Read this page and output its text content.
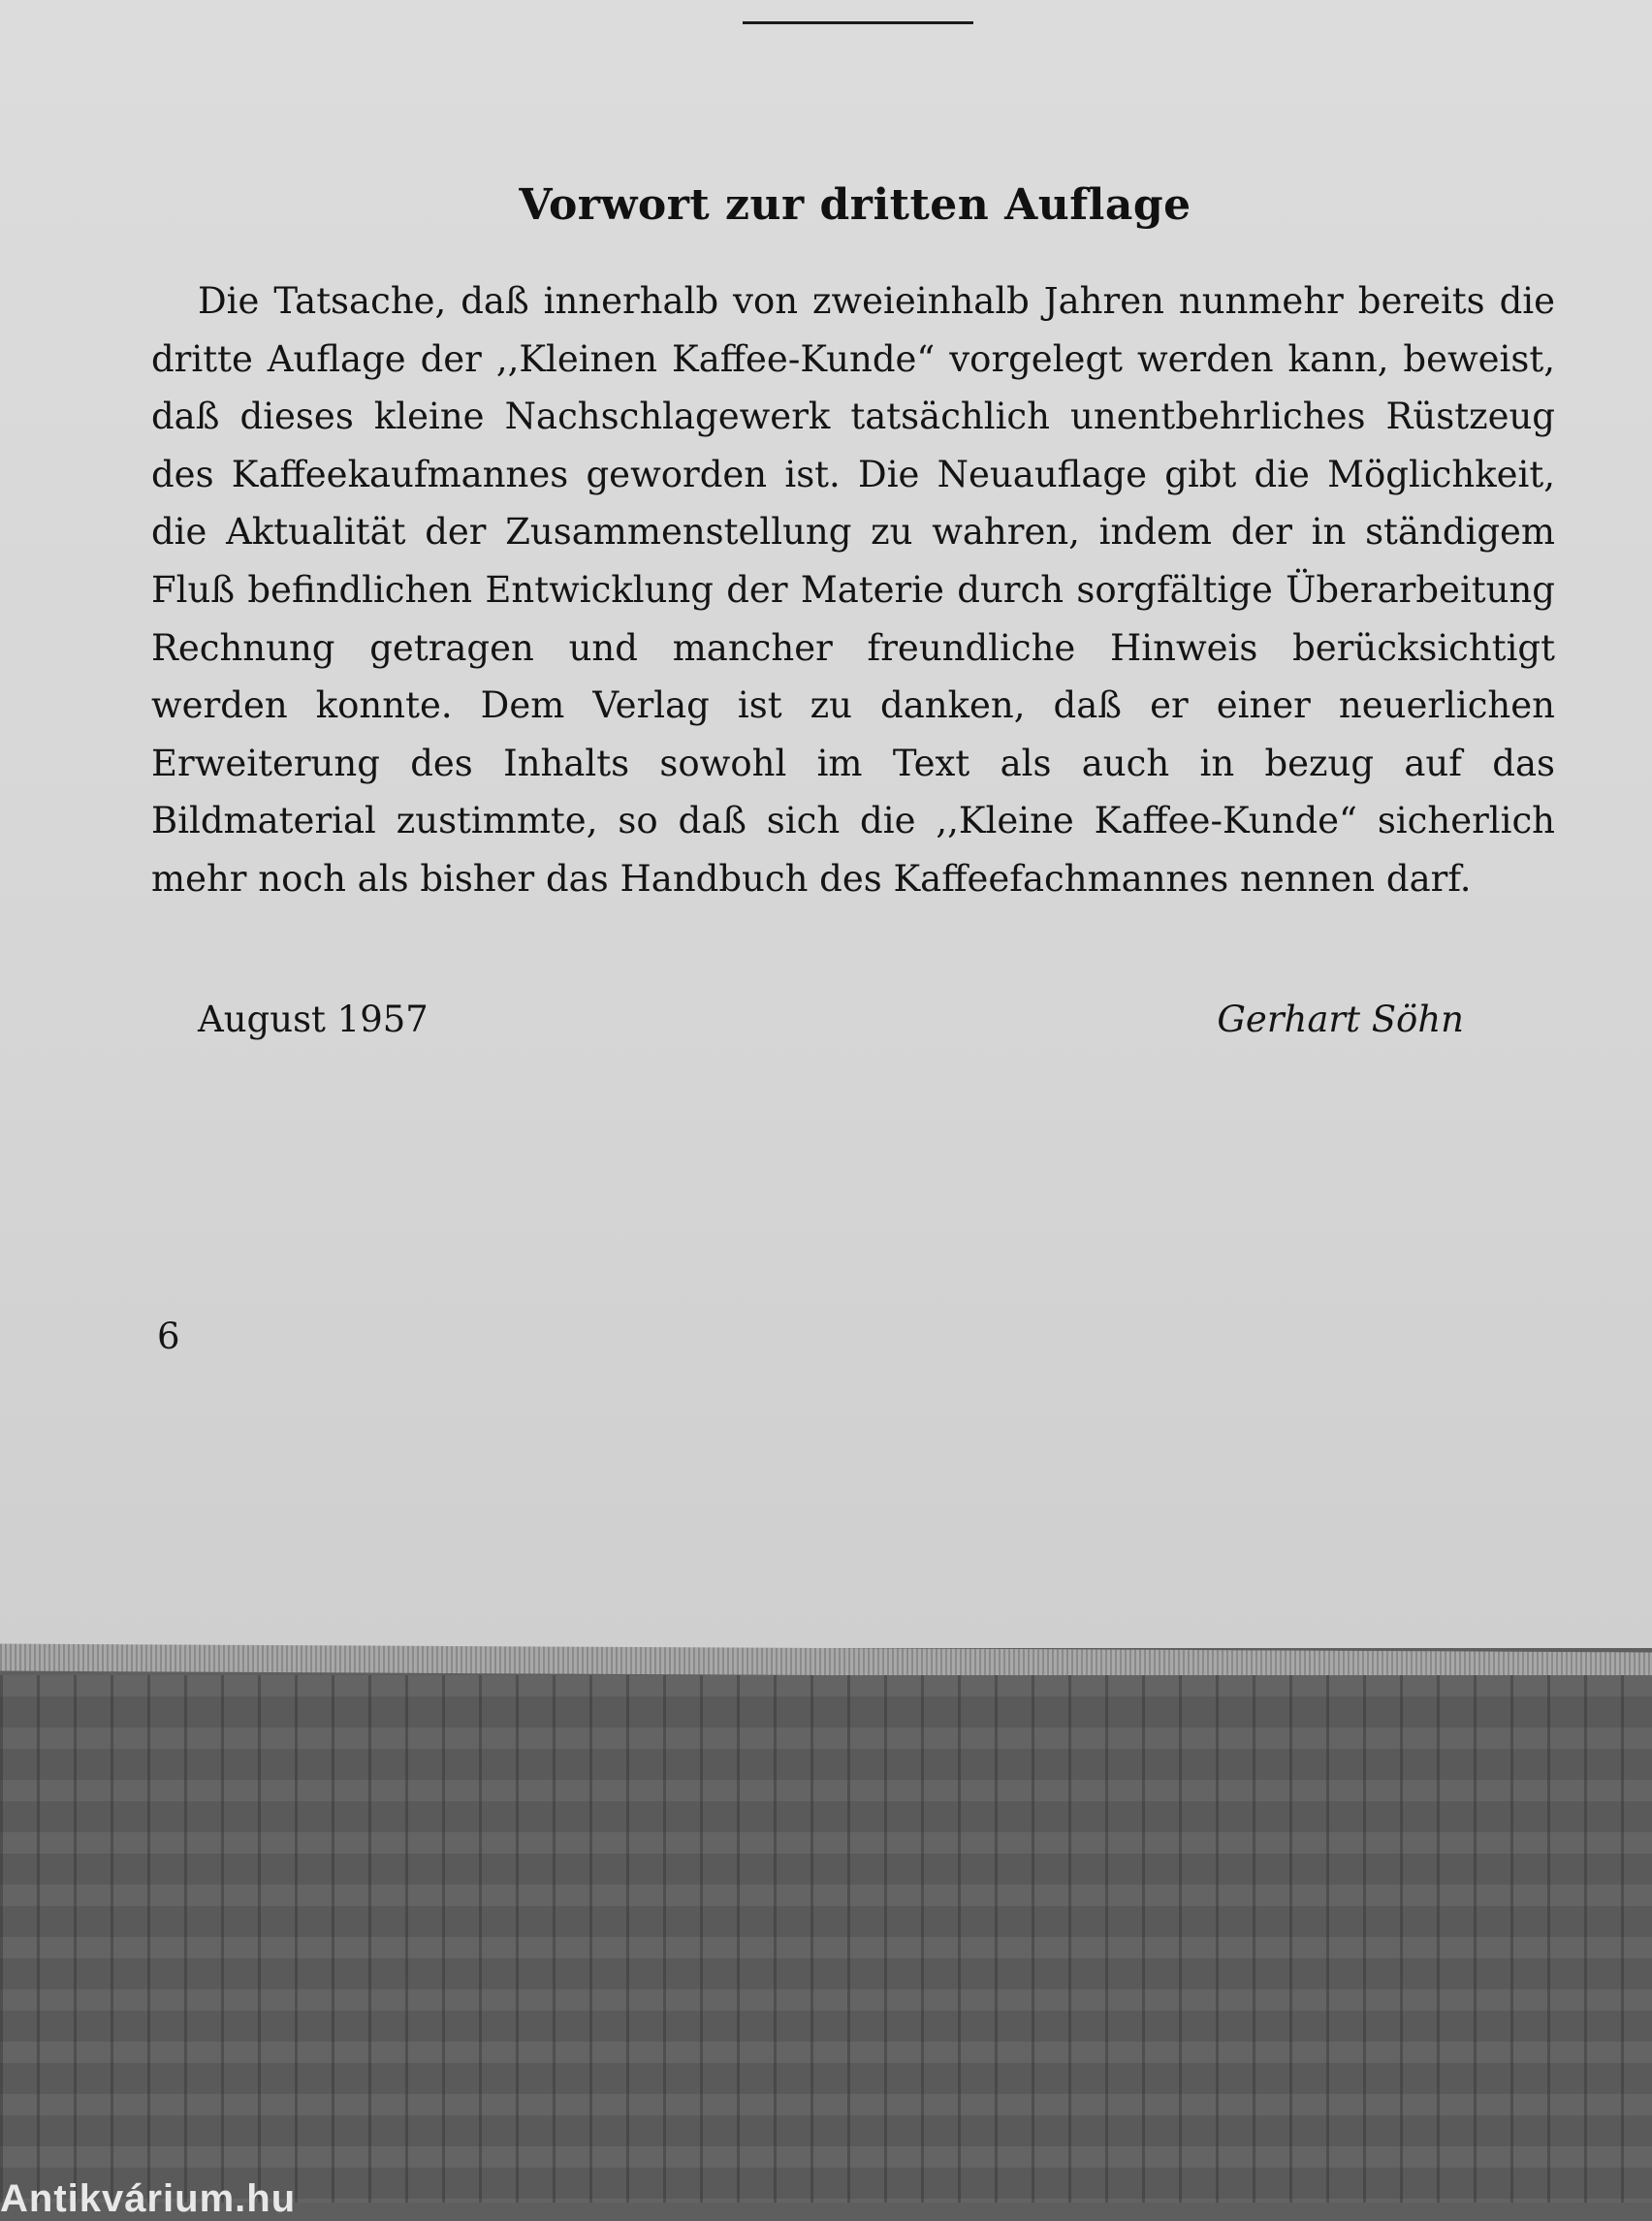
Vorwort zur dritten Auflage
Die Tatsache, daß innerhalb von zweieinhalb Jahren nunmehr bereits die dritte Auflage der ,,Kleinen Kaffee-Kunde“ vorgelegt werden kann, beweist, daß dieses kleine Nachschlagewerk tatsächlich unentbehrliches Rüstzeug des Kaffeekaufmannes geworden ist. Die Neuauflage gibt die Möglichkeit, die Aktualität der Zusammenstellung zu wahren, indem der in ständigem Fluß befindlichen Entwicklung der Materie durch sorgfältige Überarbeitung Rechnung getragen und mancher freundliche Hinweis berücksichtigt werden konnte. Dem Verlag ist zu danken, daß er einer neuerlichen Erweiterung des Inhalts sowohl im Text als auch in bezug auf das Bildmaterial zustimmte, so daß sich die ,,Kleine Kaffee-Kunde“ sicherlich mehr noch als bisher das Handbuch des Kaffeefachmannes nennen darf.
August 1957	Gerhart Söhn
6
Antikvárium.hu
